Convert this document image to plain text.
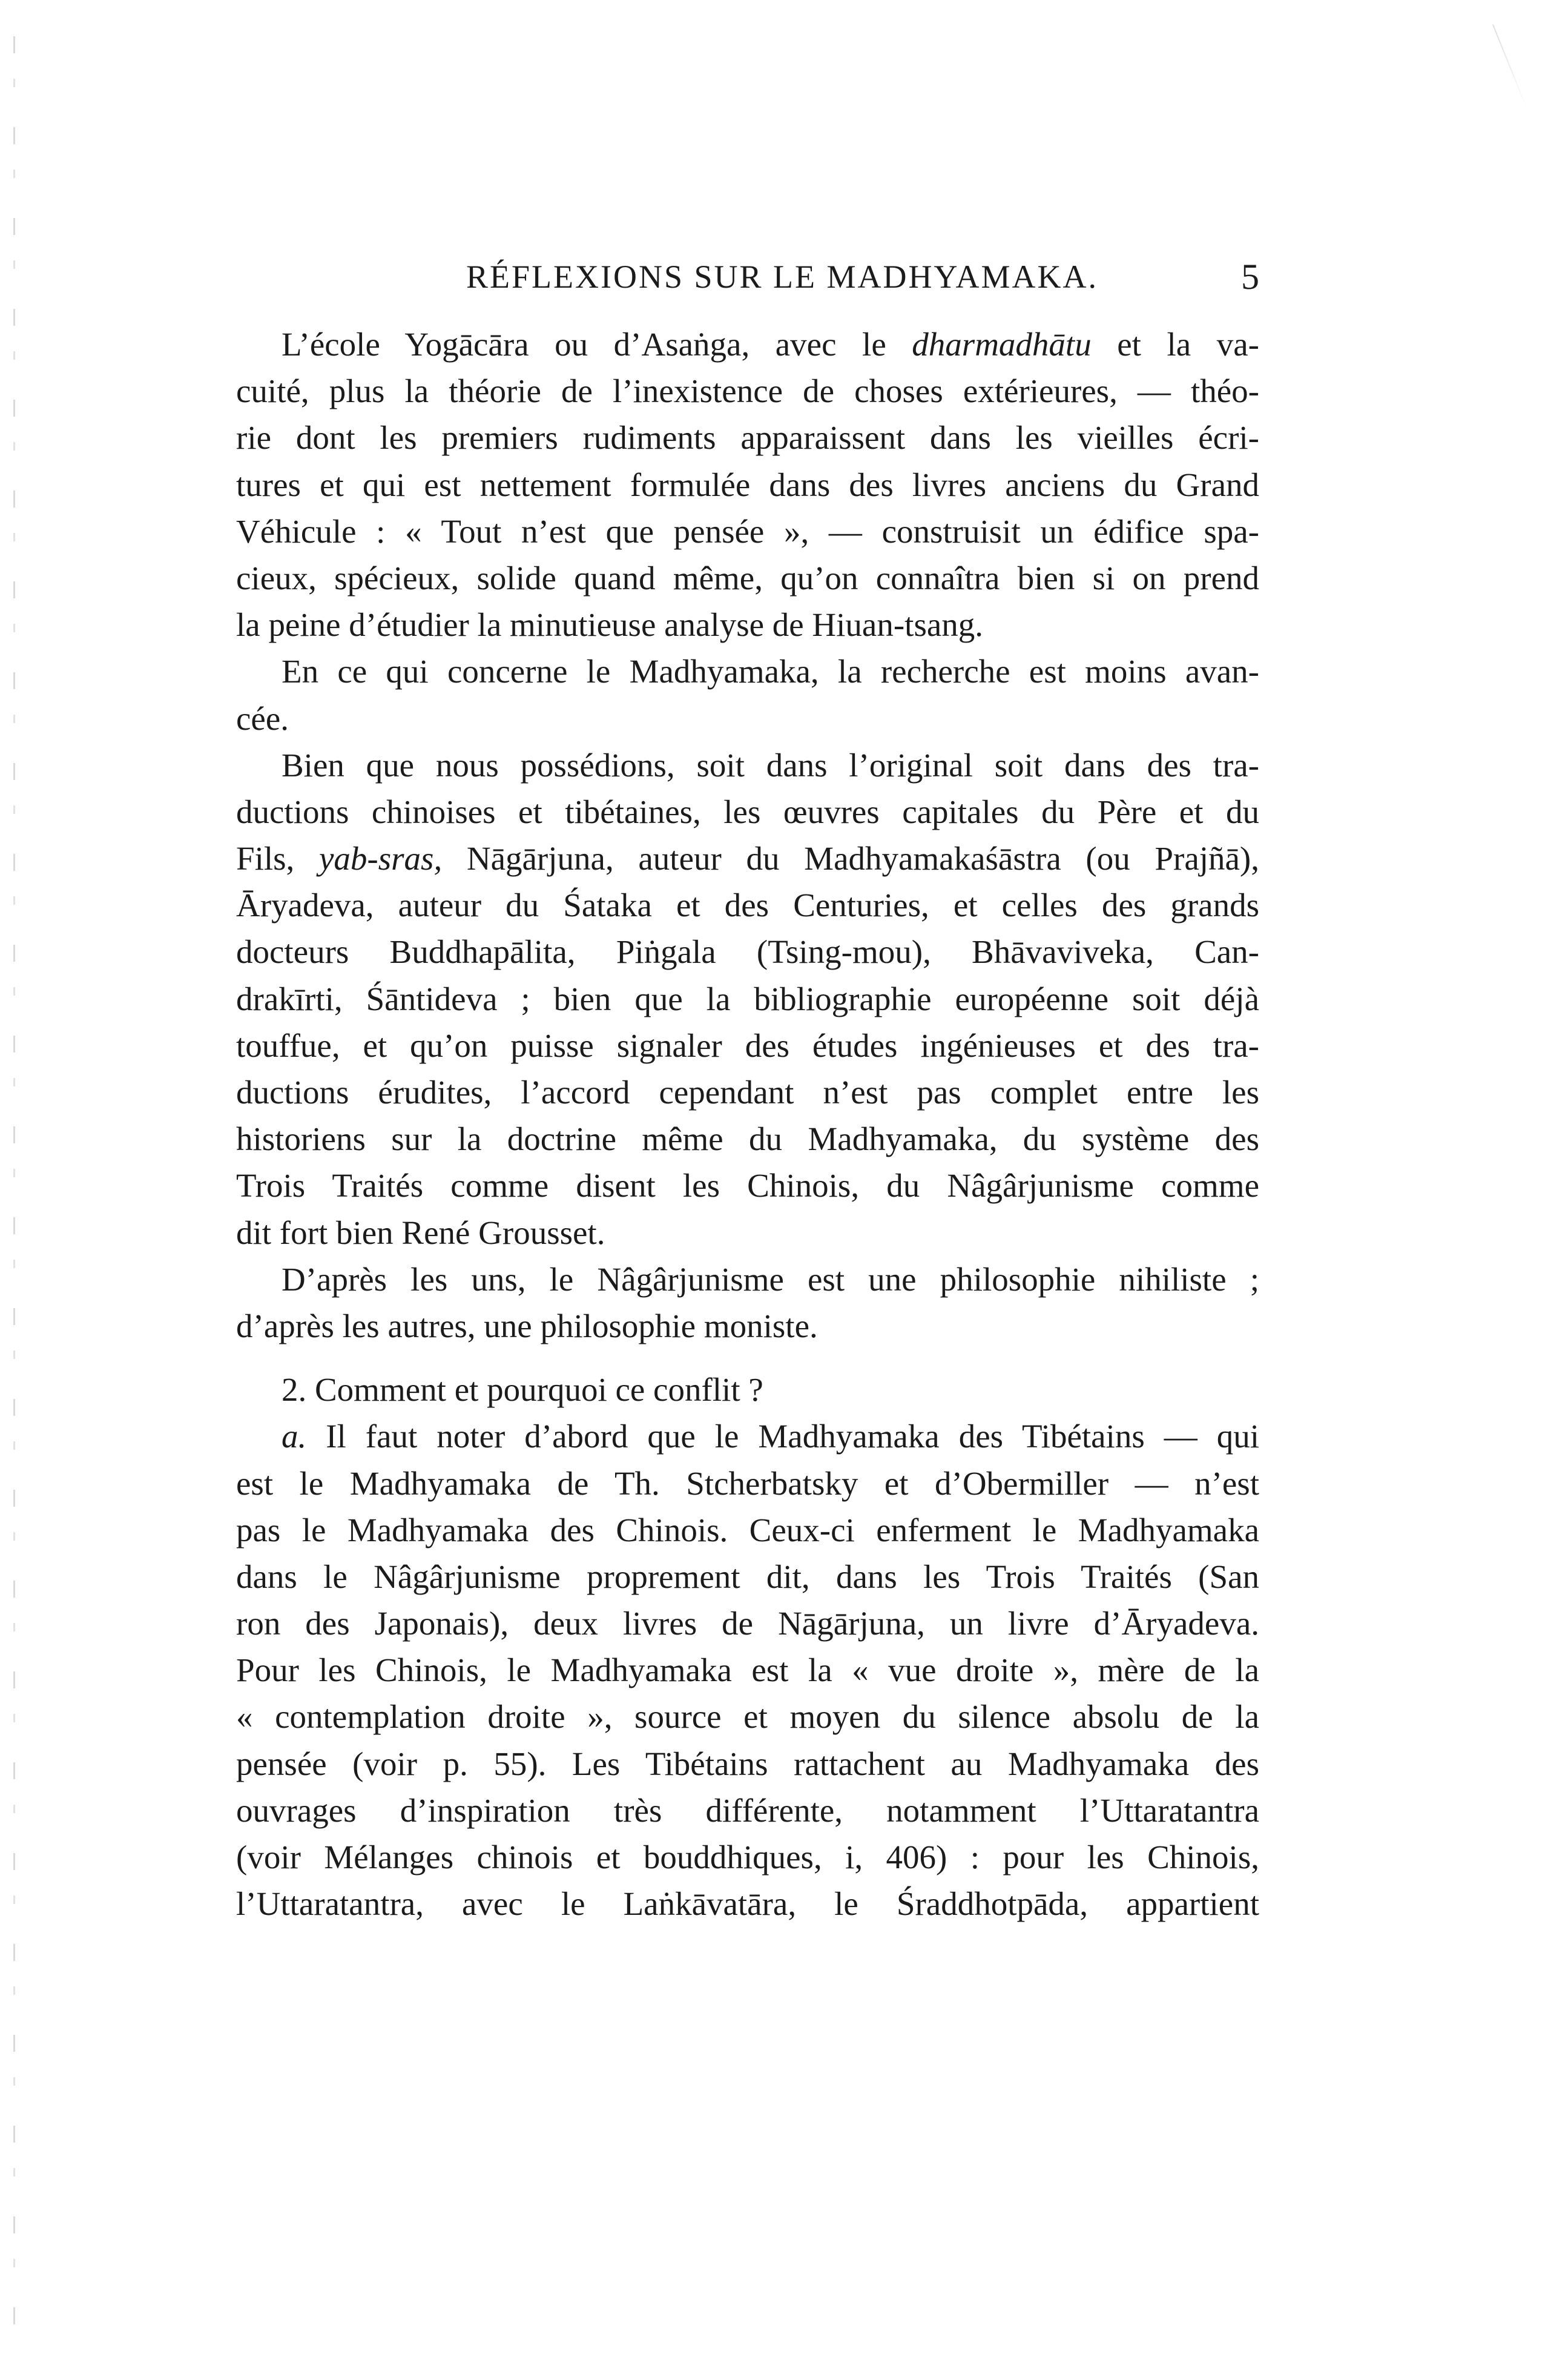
RÉFLEXIONS SUR LE MADHYAMAKA.	5
L’école Yogācāra ou d’Asaṅga, avec le dharmadhātu et la va-
cuité, plus la théorie de l’inexistence de choses extérieures, — théo-
rie dont les premiers rudiments apparaissent dans les vieilles écri-
tures et qui est nettement formulée dans des livres anciens du Grand
Véhicule : « Tout n’est que pensée », — construisit un édifice spa-
cieux, spécieux, solide quand même, qu’on connaîtra bien si on prend
la peine d’étudier la minutieuse analyse de Hiuan-tsang.
En ce qui concerne le Madhyamaka, la recherche est moins avan-
cée.
Bien que nous possédions, soit dans l’original soit dans des tra-
ductions chinoises et tibétaines, les œuvres capitales du Père et du
Fils, yab-sras, Nāgārjuna, auteur du Madhyamakaśāstra (ou Prajñā),
Āryadeva, auteur du Śataka et des Centuries, et celles des grands
docteurs Buddhapālita, Piṅgala (Tsing-mou), Bhāvaviveka, Can-
drakīrti, Śāntideva ; bien que la bibliographie européenne soit déjà
touffue, et qu’on puisse signaler des études ingénieuses et des tra-
ductions érudites, l’accord cependant n’est pas complet entre les
historiens sur la doctrine même du Madhyamaka, du système des
Trois Traités comme disent les Chinois, du Nâgârjunisme comme
dit fort bien René Grousset.
D’après les uns, le Nâgârjunisme est une philosophie nihiliste ;
d’après les autres, une philosophie moniste.
2. Comment et pourquoi ce conflit ?
a. Il faut noter d’abord que le Madhyamaka des Tibétains — qui
est le Madhyamaka de Th. Stcherbatsky et d’Obermiller — n’est
pas le Madhyamaka des Chinois. Ceux-ci enferment le Madhyamaka
dans le Nâgârjunisme proprement dit, dans les Trois Traités (San
ron des Japonais), deux livres de Nāgārjuna, un livre d’Āryadeva.
Pour les Chinois, le Madhyamaka est la « vue droite », mère de la
« contemplation droite », source et moyen du silence absolu de la
pensée (voir p. 55). Les Tibétains rattachent au Madhyamaka des
ouvrages d’inspiration très différente, notamment l’Uttaratantra
(voir Mélanges chinois et bouddhiques, i, 406) : pour les Chinois,
l’Uttaratantra, avec le Laṅkāvatāra, le Śraddhotpāda, appartient
